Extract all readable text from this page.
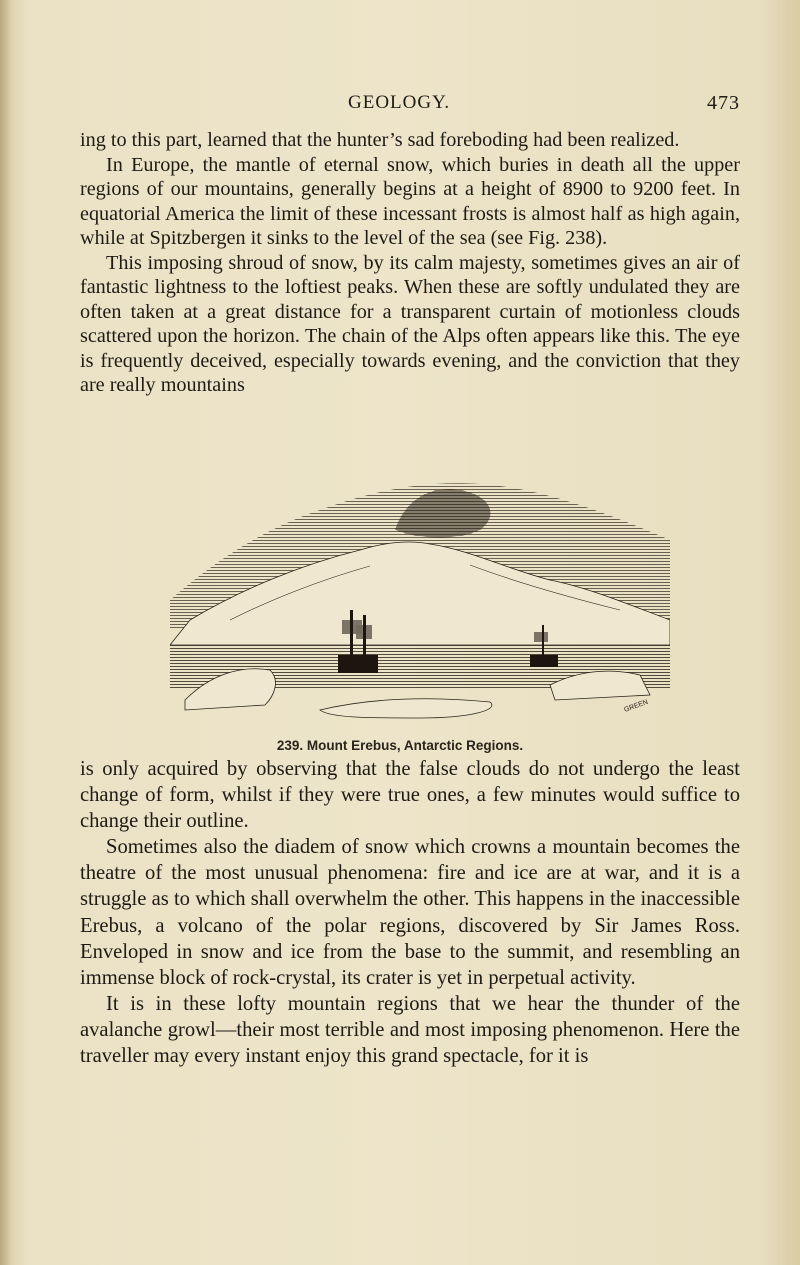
GEOLOGY.	473

ing to this part, learned that the hunter’s sad foreboding had been realized.

In Europe, the mantle of eternal snow, which buries in death all the upper regions of our mountains, generally begins at a height of 8900 to 9200 feet. In equatorial America the limit of these incessant frosts is almost half as high again, while at Spitzbergen it sinks to the level of the sea (see Fig. 238).

This imposing shroud of snow, by its calm majesty, sometimes gives an air of fantastic lightness to the loftiest peaks. When these are softly undulated they are often taken at a great distance for a transparent curtain of motionless clouds scattered upon the horizon. The chain of the Alps often appears like this. The eye is frequently deceived, especially towards evening, and the conviction that they are really mountains

GREEN
239. Mount Erebus, Antarctic Regions.

is only acquired by observing that the false clouds do not undergo the least change of form, whilst if they were true ones, a few minutes would suffice to change their outline.

Sometimes also the diadem of snow which crowns a mountain becomes the theatre of the most unusual phenomena: fire and ice are at war, and it is a struggle as to which shall overwhelm the other. This happens in the inaccessible Erebus, a volcano of the polar regions, discovered by Sir James Ross. Enveloped in snow and ice from the base to the summit, and resembling an immense block of rock-crystal, its crater is yet in perpetual activity.

It is in these lofty mountain regions that we hear the thunder of the avalanche growl—their most terrible and most imposing phenomenon. Here the traveller may every instant enjoy this grand spectacle, for it is
